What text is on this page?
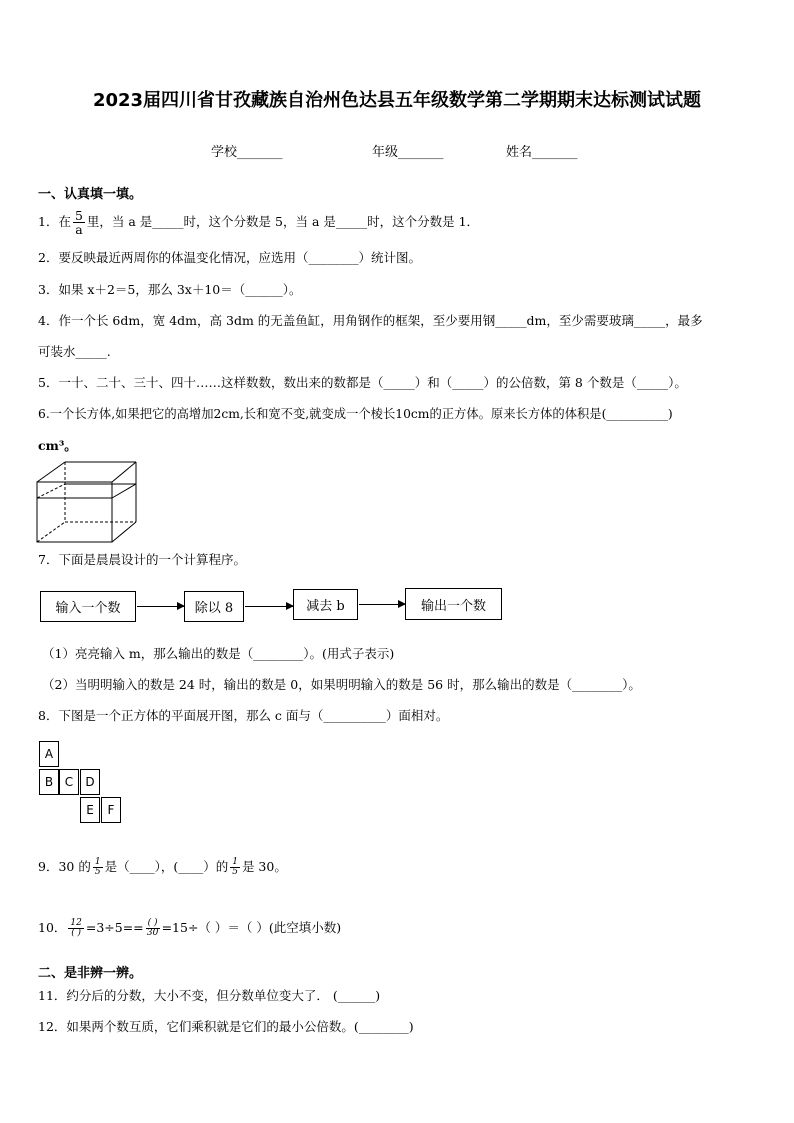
2023届四川省甘孜藏族自治州色达县五年级数学第二学期期末达标测试试题
学校_______	年级_______	姓名_______
一、认真填一填。
1．在 $\frac{5}{a}$ 里，当 a 是_____时，这个分数是 5，当 a 是_____时，这个分数是 1．
2．要反映最近两周你的体温变化情况，应选用（________）统计图。
3．如果 x＋2＝5，那么 3x＋10＝（______）。
4．作一个长 6dm，宽 4dm，高 3dm 的无盖鱼缸，用角钢作的框架，至少要用钢_____dm，至少需要玻璃_____，最多
可装水_____.
5．一十、二十、三十、四十……这样数数，数出来的数都是（_____）和（_____）的公倍数，第 8 个数是（_____）。
6.一个长方体,如果把它的高增加2cm,长和宽不变,就变成一个棱长10cm的正方体。原来长方体的体积是(__________)
cm³。
7．下面是晨晨设计的一个计算程序。
输入一个数	除以 8	减去 b	输出一个数
（1）亮亮输入 m，那么输出的数是（________）。(用式子表示)
（2）当明明输入的数是 24 时，输出的数是 0，如果明明输入的数是 56 时，那么输出的数是（________）。
8．下图是一个正方体的平面展开图，那么 c 面与（__________）面相对。
A
B C	D
E	F
9．30 的 $\frac{1}{5}$ 是（____），(____）的 $\frac{1}{5}$ 是 30。
10． $\frac{12}{( )} =3\div 5== \frac{( )}{30} =15\div$（ ）＝（ ）(此空填小数)
二、是非辨一辨。
11．约分后的分数，大小不变，但分数单位变大了． (______)
12．如果两个数互质，它们乘积就是它们的最小公倍数。(________)
